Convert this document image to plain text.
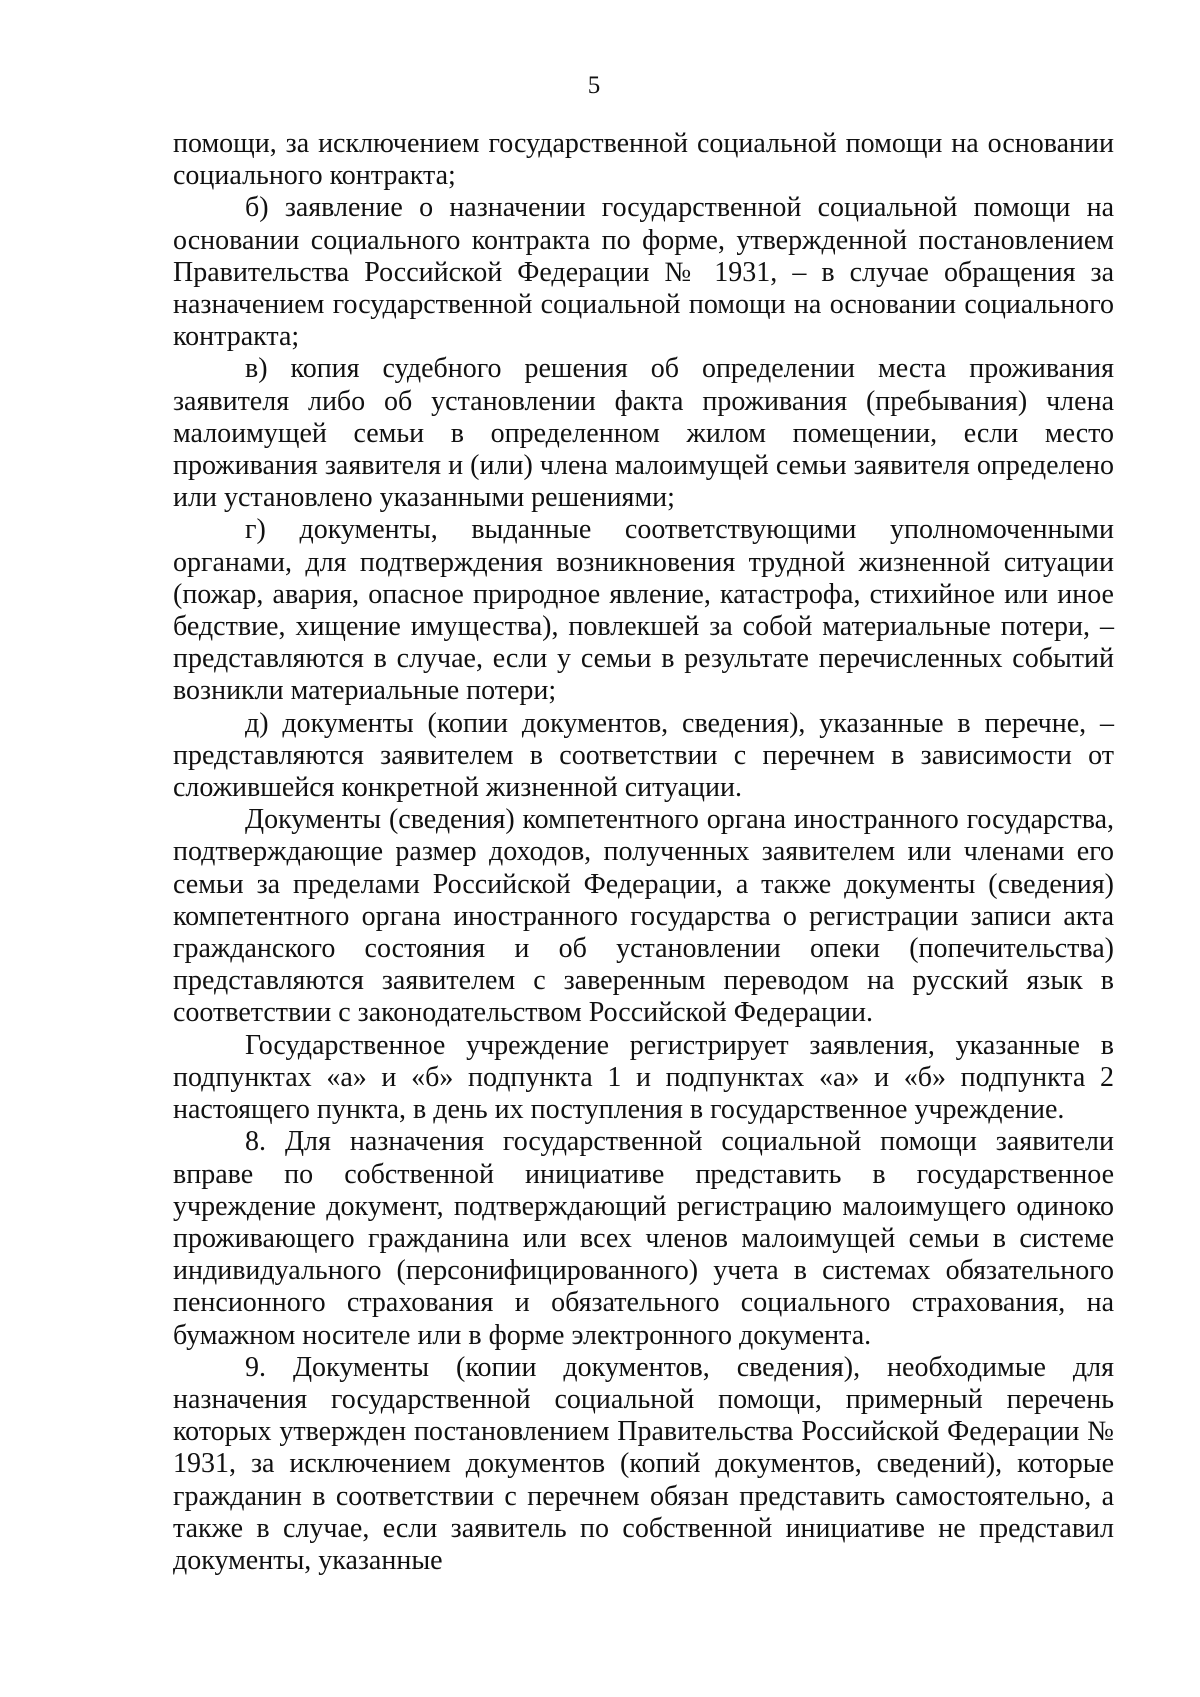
5

помощи, за исключением государственной социальной помощи на основании социального контракта;

б) заявление о назначении государственной социальной помощи на основании социального контракта по форме, утвержденной постановлением Правительства Российской Федерации № 1931, – в случае обращения за назначением государственной социальной помощи на основании социального контракта;

в) копия судебного решения об определении места проживания заявителя либо об установлении факта проживания (пребывания) члена малоимущей семьи в определенном жилом помещении, если место проживания заявителя и (или) члена малоимущей семьи заявителя определено или установлено указанными решениями;

г) документы, выданные соответствующими уполномоченными органами, для подтверждения возникновения трудной жизненной ситуации (пожар, авария, опасное природное явление, катастрофа, стихийное или иное бедствие, хищение имущества), повлекшей за собой материальные потери, – представляются в случае, если у семьи в результате перечисленных событий возникли материальные потери;

д) документы (копии документов, сведения), указанные в перечне, – представляются заявителем в соответствии с перечнем в зависимости от сложившейся конкретной жизненной ситуации.

Документы (сведения) компетентного органа иностранного государства, подтверждающие размер доходов, полученных заявителем или членами его семьи за пределами Российской Федерации, а также документы (сведения) компетентного органа иностранного государства о регистрации записи акта гражданского состояния и об установлении опеки (попечительства) представляются заявителем с заверенным переводом на русский язык в соответствии с законодательством Российской Федерации.

Государственное учреждение регистрирует заявления, указанные в подпунктах «а» и «б» подпункта 1 и подпунктах «а» и «б» подпункта 2 настоящего пункта, в день их поступления в государственное учреждение.

8. Для назначения государственной социальной помощи заявители вправе по собственной инициативе представить в государственное учреждение документ, подтверждающий регистрацию малоимущего одиноко проживающего гражданина или всех членов малоимущей семьи в системе индивидуального (персонифицированного) учета в системах обязательного пенсионного страхования и обязательного социального страхования, на бумажном носителе или в форме электронного документа.

9. Документы (копии документов, сведения), необходимые для назначения государственной социальной помощи, примерный перечень которых утвержден постановлением Правительства Российской Федерации № 1931, за исключением документов (копий документов, сведений), которые гражданин в соответствии с перечнем обязан представить самостоятельно, а также в случае, если заявитель по собственной инициативе не представил документы, указанные
